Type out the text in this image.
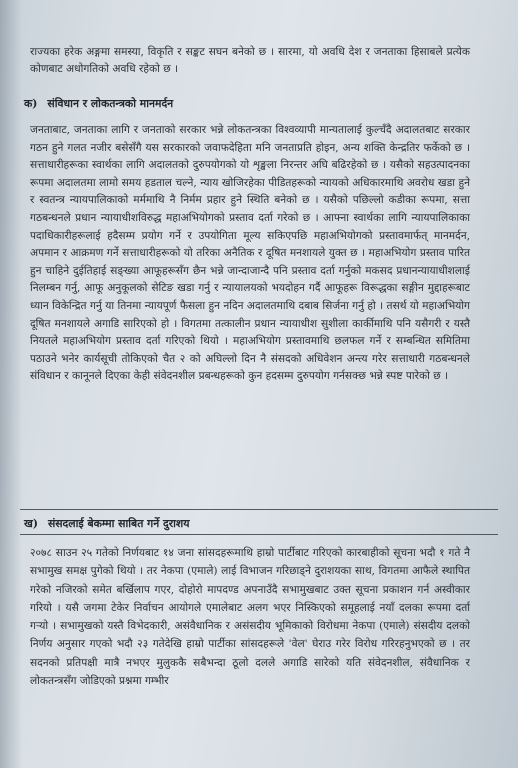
राज्यका हरेक अङ्गमा समस्या, विकृति र सङ्कट सघन बनेको छ । सारमा, यो अवधि देश र जनताका हिसाबले प्रत्येक कोणबाट अधोगतिको अवधि रहेको छ ।

क) संविधान र लोकतन्त्रको मानमर्दन

जनताबाट, जनताका लागि र जनताको सरकार भन्ने लोकतन्त्रका विश्वव्यापी मान्यतालाई कुल्चँदै अदालतबाट सरकार गठन हुने गलत नजीर बसेसँगै यस सरकारको जवाफदेहिता मनि जनताप्रति होइन, अन्य शक्ति केन्द्रतिर फर्केको छ । सत्ताधारीहरूका स्वार्थका लागि अदालतको दुरुपयोगको यो शृङ्खला निरन्तर अघि बढिरहेको छ । यसैको सहउत्पादनका रूपमा अदालतमा लामो समय हडताल चल्ने, न्याय खोजिरहेका पीडितहरूको न्यायको अधिकारमाथि अवरोध खडा हुने र स्वतन्त्र न्यायपालिकाको मर्ममाथि नै निर्मम प्रहार हुने स्थिति बनेको छ । यसैको पछिल्लो कडीका रूपमा, सत्ता गठबन्धनले प्रधान न्यायाधीशविरुद्ध महाअभियोगको प्रस्ताव दर्ता गरेको छ । आफ्ना स्वार्थका लागि न्यायपालिकाका पदाधिकारीहरूलाई हदैसम्म प्रयोग गर्ने र उपयोगिता मूल्य सकिएपछि महाअभियोगको प्रस्तावमार्फत् मानमर्दन, अपमान र आक्रमण गर्ने सत्ताधारीहरूको यो तरिका अनैतिक र दूषित मनशायले युक्त छ । महाअभियोग प्रस्ताव पारित हुन चाहिने दुईतिहाई सङ्ख्या आफूहरूसँग छैन भन्ने जान्दाजान्दै पनि प्रस्ताव दर्ता गर्नुको मकसद प्रधानन्यायाधीशलाई निलम्बन गर्नु, आफू अनुकूलको सेटिङ खडा गर्नु र न्यायालयको भयदोहन गर्दै आफूहरू विरूद्धका सङ्गीन मुद्दाहरूबाट ध्यान विकेन्द्रित गर्नु या तिनमा न्यायपूर्ण फैसला हुन नदिन अदालतमाथि दबाब सिर्जना गर्नु हो । तसर्थ यो महाअभियोग दूषित मनशायले अगाडि सारिएको हो । विगतमा तत्कालीन प्रधान न्यायाधीश सुशीला कार्कीमाथि पनि यसैगरी र यस्तै नियतले महाअभियोग प्रस्ताव दर्ता गरिएको थियो । महाअभियोग प्रस्तावमाथि छलफल गर्ने र सम्बन्धित समितिमा पठाउने भनेर कार्यसूची तोकिएको चैत २ को अघिल्लो दिन नै संसदको अधिवेशन अन्त्य गरेर सत्ताधारी गठबन्धनले संविधान र कानूनले दिएका केही संवेदनशील प्रबन्धहरूको कुन हदसम्म दुरुपयोग गर्नसक्छ भन्ने स्पष्ट पारेको छ ।

ख) संसदलाई बेकम्मा साबित गर्ने दुराशय

२०७८ साउन २५ गतेको निर्णयबाट १४ जना सांसदहरूमाथि हाम्रो पार्टीबाट गरिएको कारबाहीको सूचना भदौ १ गते नै सभामुख समक्ष पुगेको थियो । तर नेकपा (एमाले) लाई विभाजन गरिछाड्ने दुराशयका साथ, विगतमा आफैले स्थापित गरेको नजिरको समेत बर्खिलाप गएर, दोहोरो मापदण्ड अपनाउँदै सभामुखबाट उक्त सूचना प्रकाशन गर्न अस्वीकार गरियो । यसै जगमा टेकेर निर्वाचन आयोगले एमालेबाट अलग भएर निस्किएको समूहलाई नयाँ दलका रूपमा दर्ता गर्‍यो । सभामुखको यस्तै विभेदकारी, असंवैधानिक र असंसदीय भूमिकाको विरोधमा नेकपा (एमाले) संसदीय दलको निर्णय अनुसार गएको भदौ २३ गतेदेखि हाम्रो पार्टीका सांसदहरूले 'वेल' घेराउ गरेर विरोध गरिरहनुभएको छ । तर सदनको प्रतिपक्षी मात्रै नभएर मुलुककै सबैभन्दा ठूलो दलले अगाडि सारेको यति संवेदनशील, संवैधानिक र लोकतन्त्रसँग जोडिएको प्रश्नमा गम्भीर
